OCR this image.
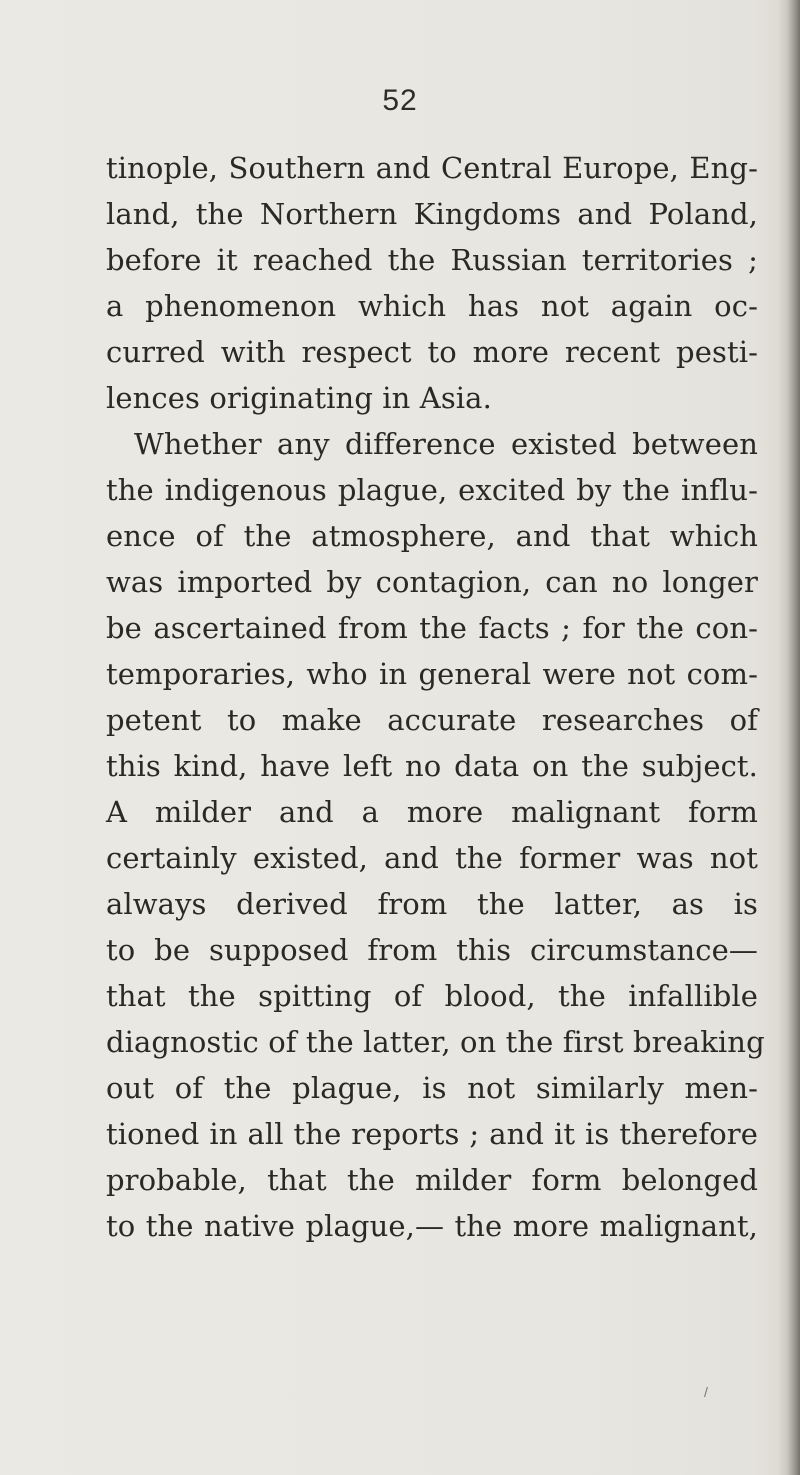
52
tinople, Southern and Central Europe, Eng-
land, the Northern Kingdoms and Poland,
before it reached the Russian territories ;
a phenomenon which has not again oc-
curred with respect to more recent pesti-
lences originating in Asia.
Whether any difference existed between
the indigenous plague, excited by the influ-
ence of the atmosphere, and that which
was imported by contagion, can no longer
be ascertained from the facts ; for the con-
temporaries, who in general were not com-
petent to make accurate researches of
this kind, have left no data on the subject.
A milder and a more malignant form
certainly existed, and the former was not
always derived from the latter, as is
to be supposed from this circumstance—
that the spitting of blood, the infallible
diagnostic of the latter, on the first breaking
out of the plague, is not similarly men-
tioned in all the reports ; and it is therefore
probable, that the milder form belonged
to the native plague,— the more malignant,
/
